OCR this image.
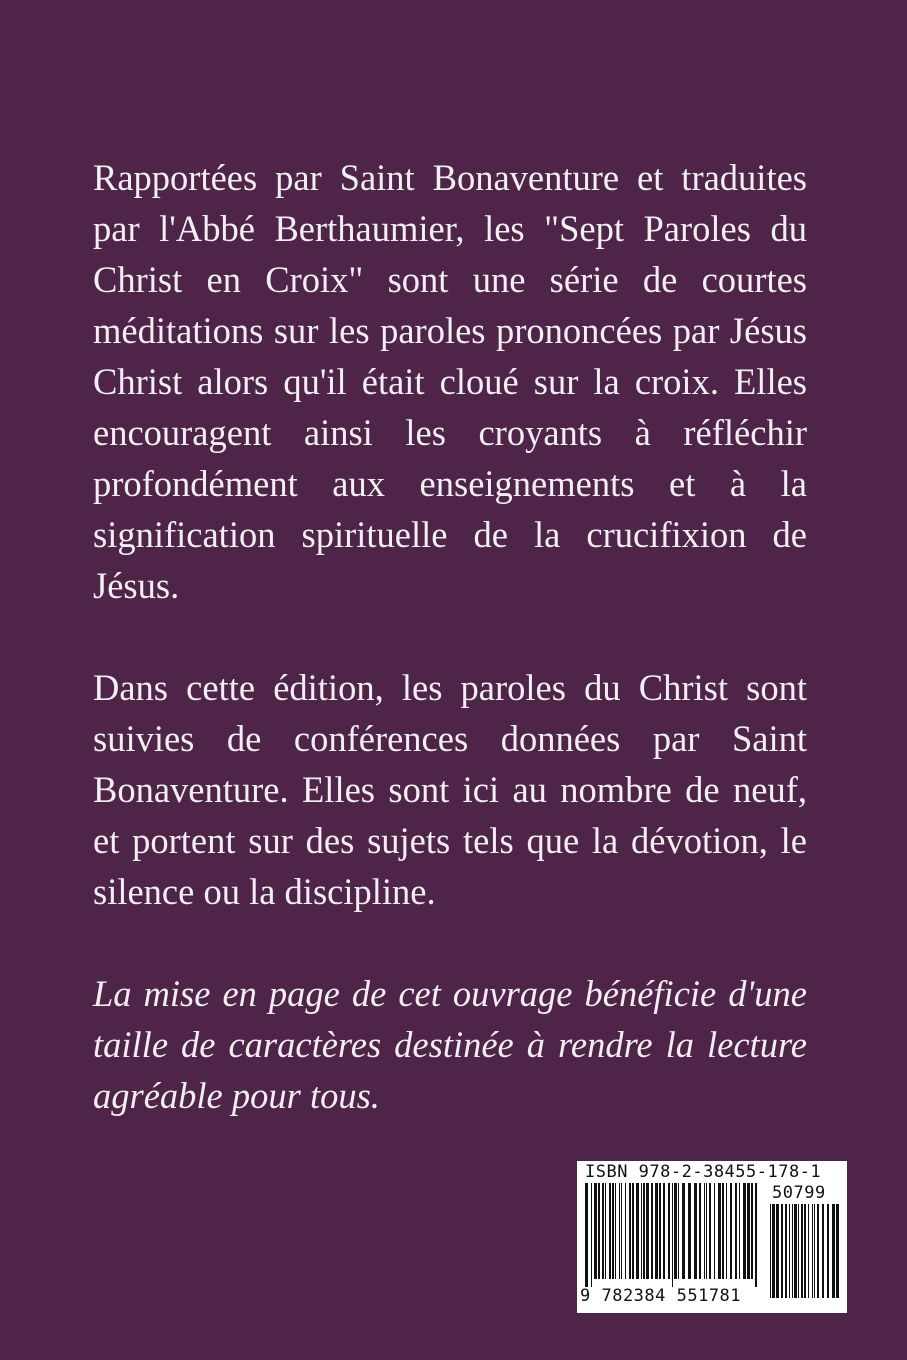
Rapportées par Saint Bonaventure et traduites par l'Abbé Berthaumier, les "Sept Paroles du Christ en Croix" sont une série de courtes méditations sur les paroles prononcées par Jésus Christ alors qu'il était cloué sur la croix. Elles encouragent ainsi les croyants à réfléchir profondément aux enseignements et à la signification spirituelle de la crucifixion de Jésus.

Dans cette édition, les paroles du Christ sont suivies de conférences données par Saint Bonaventure. Elles sont ici au nombre de neuf, et portent sur des sujets tels que la dévotion, le silence ou la discipline.

La mise en page de cet ouvrage bénéficie d'une taille de caractères destinée à rendre la lecture agréable pour tous.

ISBN 978-2-38455-178-1
50799
9 782384 551781
